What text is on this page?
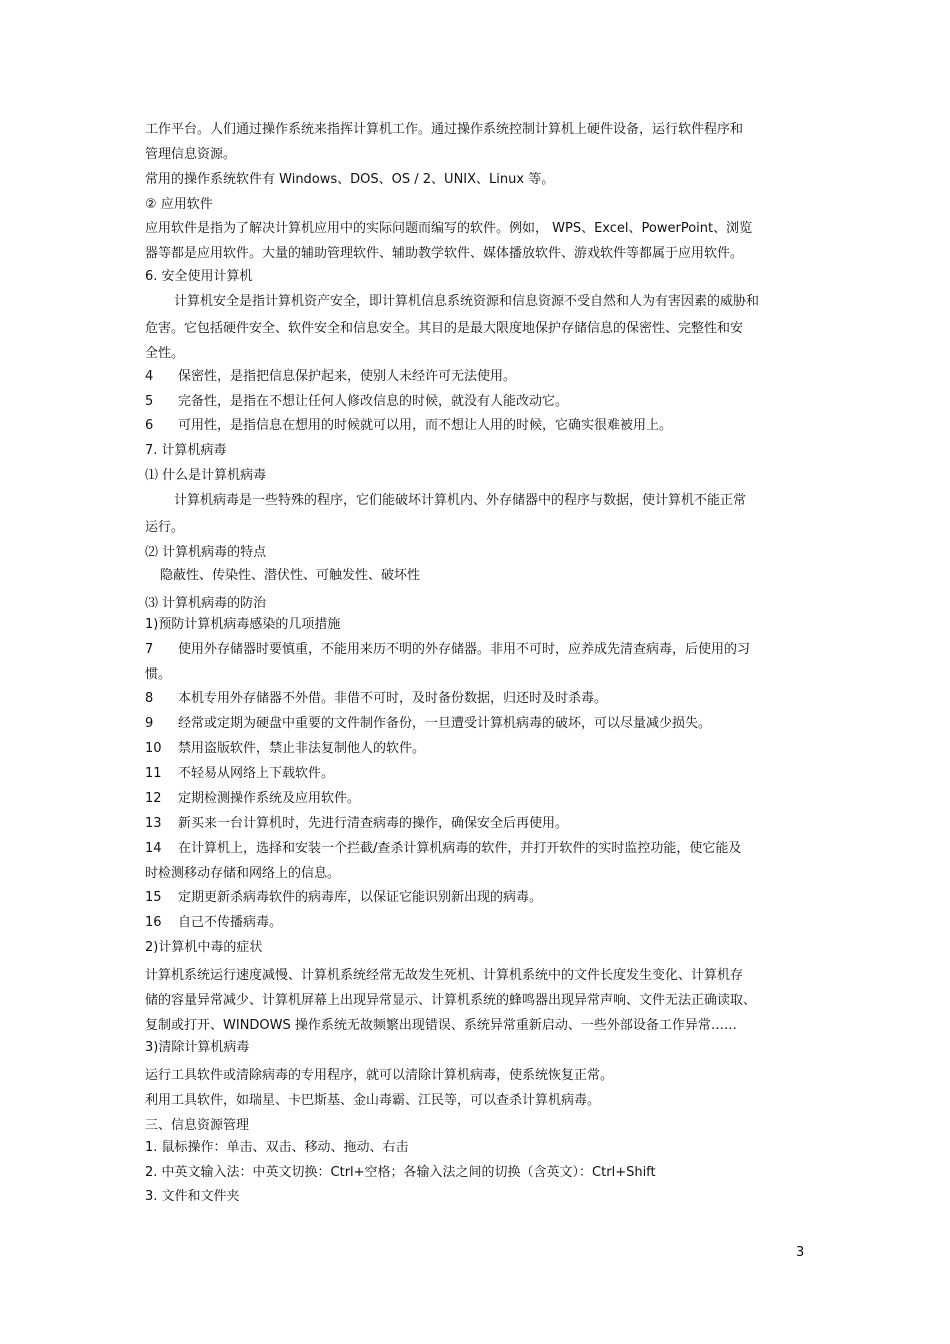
工作平台。人们通过操作系统来指挥计算机工作。通过操作系统控制计算机上硬件设备，运行软件程序和
管理信息资源。
常用的操作系统软件有 Windows、DOS、OS / 2、UNIX、Linux 等。
② 应用软件
应用软件是指为了解决计算机应用中的实际问题而编写的软件。例如， WPS、Excel、PowerPoint、浏览
器等都是应用软件。大量的辅助管理软件、辅助教学软件、媒体播放软件、游戏软件等都属于应用软件。
6. 安全使用计算机
计算机安全是指计算机资产安全，即计算机信息系统资源和信息资源不受自然和人为有害因素的威胁和
危害。它包括硬件安全、软件安全和信息安全。其目的是最大限度地保护存储信息的保密性、完整性和安
全性。
4 保密性，是指把信息保护起来，使别人未经许可无法使用。
5 完备性，是指在不想让任何人修改信息的时候，就没有人能改动它。
6 可用性，是指信息在想用的时候就可以用，而不想让人用的时候，它确实很难被用上。
7. 计算机病毒
⑴ 什么是计算机病毒
计算机病毒是一些特殊的程序，它们能破坏计算机内、外存储器中的程序与数据，使计算机不能正常
运行。
⑵ 计算机病毒的特点
隐蔽性、传染性、潜伏性、可触发性、破坏性
⑶ 计算机病毒的防治
1)预防计算机病毒感染的几项措施
7 使用外存储器时要慎重，不能用来历不明的外存储器。非用不可时，应养成先清查病毒，后使用的习
惯。
8 本机专用外存储器不外借。非借不可时，及时备份数据，归还时及时杀毒。
9 经常或定期为硬盘中重要的文件制作备份，一旦遭受计算机病毒的破坏，可以尽量减少损失。
10 禁用盗版软件，禁止非法复制他人的软件。
11 不轻易从网络上下载软件。
12 定期检测操作系统及应用软件。
13 新买来一台计算机时，先进行清查病毒的操作，确保安全后再使用。
14 在计算机上，选择和安装一个拦截/查杀计算机病毒的软件，并打开软件的实时监控功能，使它能及
时检测移动存储和网络上的信息。
15 定期更新杀病毒软件的病毒库，以保证它能识别新出现的病毒。
16 自己不传播病毒。
2)计算机中毒的症状
计算机系统运行速度减慢、计算机系统经常无故发生死机、计算机系统中的文件长度发生变化、计算机存
储的容量异常减少、计算机屏幕上出现异常显示、计算机系统的蜂鸣器出现异常声响、文件无法正确读取、
复制或打开、WINDOWS 操作系统无故频繁出现错误、系统异常重新启动、一些外部设备工作异常……
3)清除计算机病毒
运行工具软件或清除病毒的专用程序，就可以清除计算机病毒，使系统恢复正常。
利用工具软件，如瑞星、卡巴斯基、金山毒霸、江民等，可以查杀计算机病毒。
三、信息资源管理
1. 鼠标操作：单击、双击、移动、拖动、右击
2. 中英文输入法：中英文切换：Ctrl+空格；各输入法之间的切换（含英文）：Ctrl+Shift
3. 文件和文件夹
3
